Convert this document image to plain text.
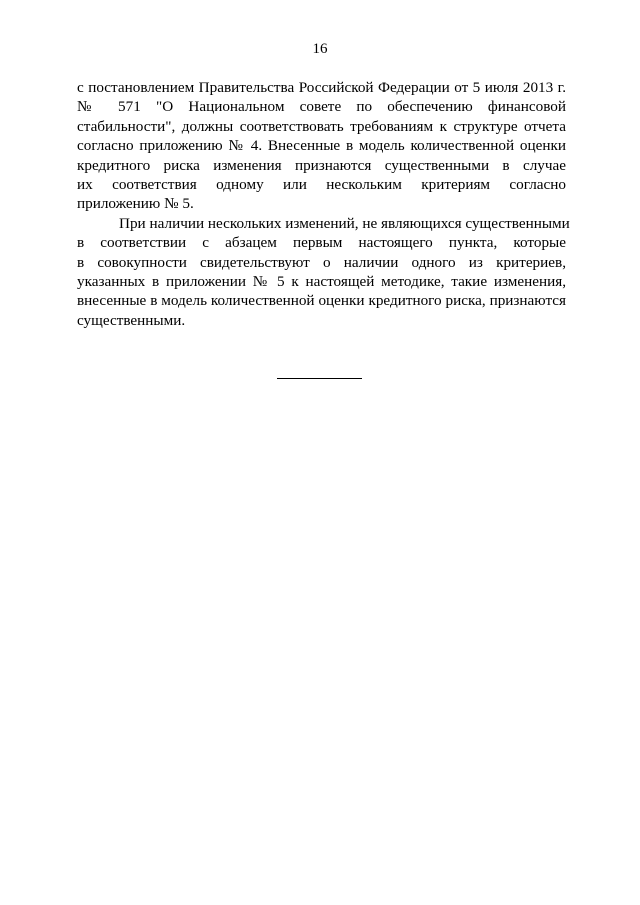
16
с постановлением Правительства Российской Федерации от 5 июля 2013 г.
№ 571 "О Национальном совете по обеспечению финансовой
стабильности", должны соответствовать требованиям к структуре отчета
согласно приложению № 4. Внесенные в модель количественной оценки
кредитного риска изменения признаются существенными в случае
их соответствия одному или нескольким критериям согласно
приложению № 5.
При наличии нескольких изменений, не являющихся существенными
в соответствии с абзацем первым настоящего пункта, которые
в совокупности свидетельствуют о наличии одного из критериев,
указанных в приложении № 5 к настоящей методике, такие изменения,
внесенные в модель количественной оценки кредитного риска, признаются
существенными.
